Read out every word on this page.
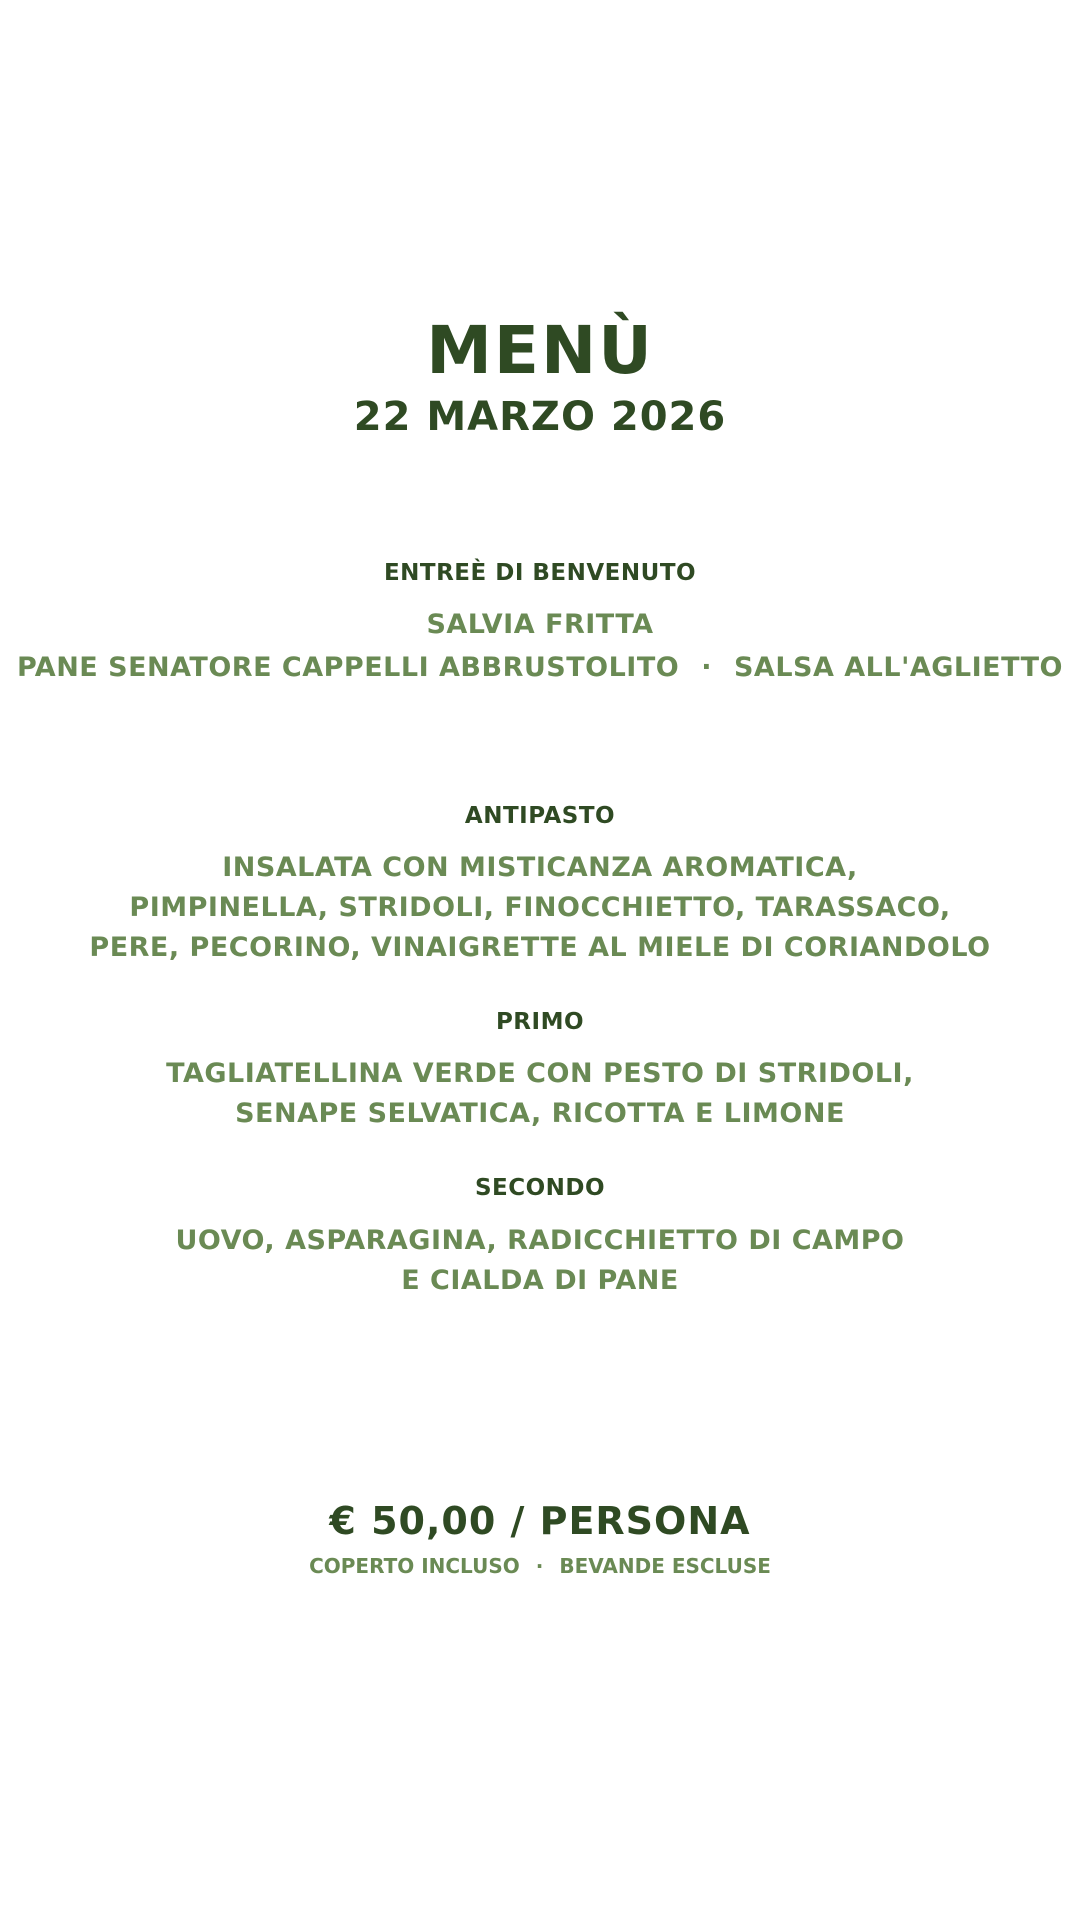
MENÙ
22 MARZO 2026
ENTREÈ DI BENVENUTO
SALVIA FRITTA
PANE SENATORE CAPPELLI ABBRUSTOLITO · SALSA ALL'AGLIETTO
ANTIPASTO
INSALATA CON MISTICANZA AROMATICA,
PIMPINELLA, STRIDOLI, FINOCCHIETTO, TARASSACO,
PERE, PECORINO, VINAIGRETTE AL MIELE DI CORIANDOLO
PRIMO
TAGLIATELLINA VERDE CON PESTO DI STRIDOLI,
SENAPE SELVATICA, RICOTTA E LIMONE
SECONDO
UOVO, ASPARAGINA, RADICCHIETTO DI CAMPO
E CIALDA DI PANE
€ 50,00 / PERSONA
COPERTO INCLUSO · BEVANDE ESCLUSE
